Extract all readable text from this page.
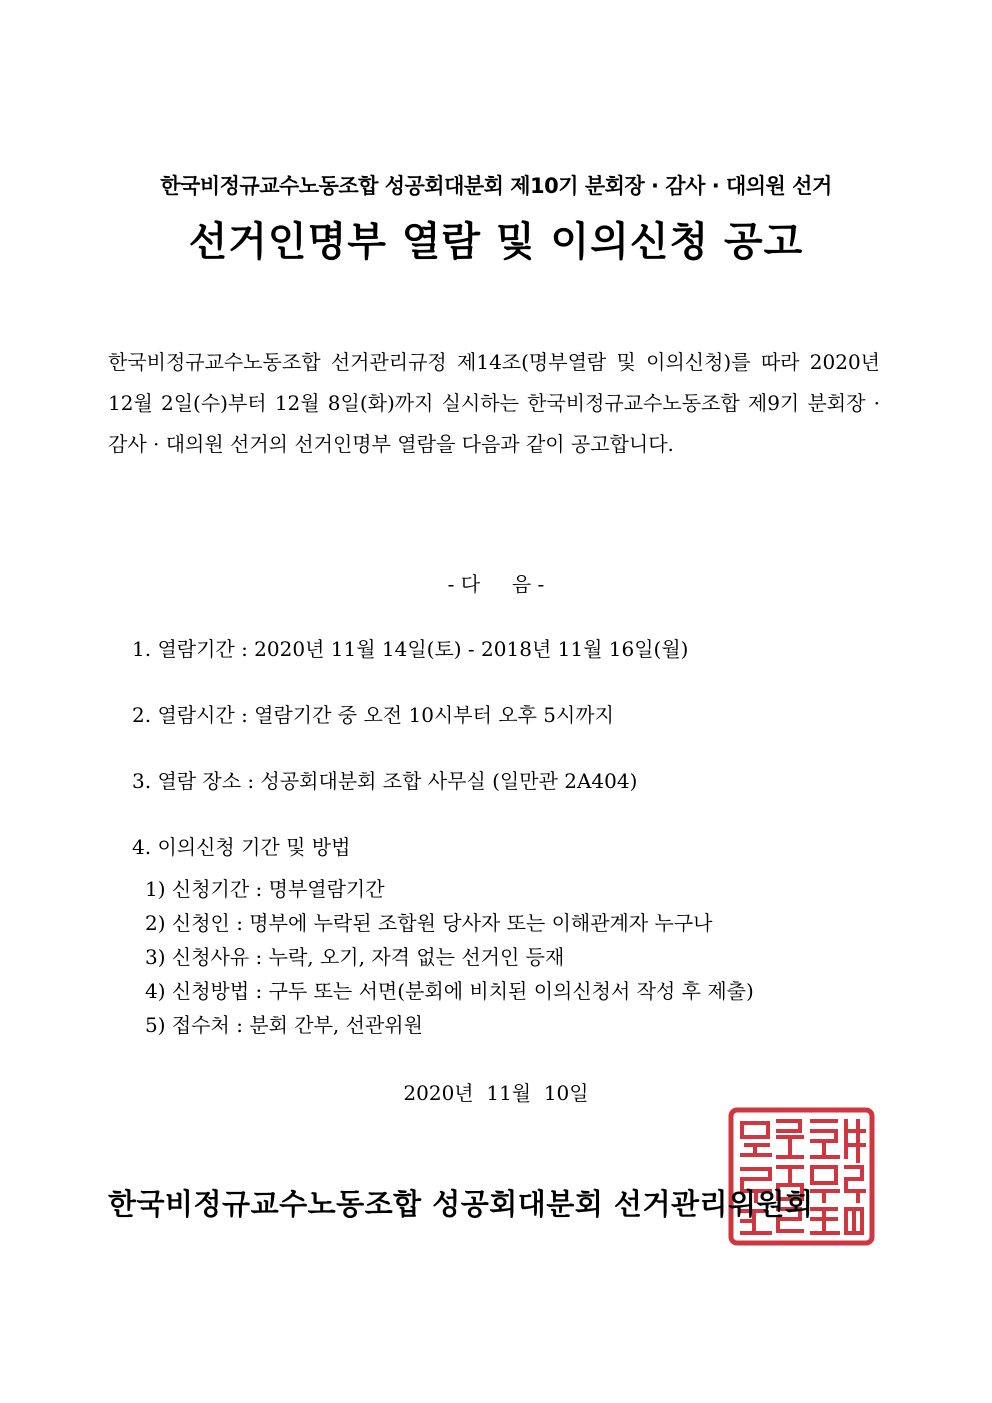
한국비정규교수노동조합 성공회대분회 제10기 분회장 · 감사 · 대의원 선거
선거인명부 열람 및 이의신청 공고
한국비정규교수노동조합 선거관리규정 제14조(명부열람 및 이의신청)를 따라 2020년 12월 2일(수)부터 12월 8일(화)까지 실시하는 한국비정규교수노동조합 제9기 분회장 · 감사 · 대의원 선거의 선거인명부 열람을 다음과 같이 공고합니다.
- 다     음 -
1. 열람기간 : 2020년 11월 14일(토) - 2018년 11월 16일(월)
2. 열람시간 : 열람기간 중 오전 10시부터 오후 5시까지
3. 열람 장소 : 성공회대분회 조합 사무실 (일만관 2A404)
4. 이의신청 기간 및 방법
1) 신청기간 : 명부열람기간
2) 신청인 : 명부에 누락된 조합원 당사자 또는 이해관계자 누구나
3) 신청사유 : 누락, 오기, 자격 없는 선거인 등재
4) 신청방법 : 구두 또는 서면(분회에 비치된 이의신청서 작성 후 제출)
5) 접수처 : 분회 간부, 선관위원
2020년  11월  10일
한국비정규교수노동조합 성공회대분회 선거관리위원회
